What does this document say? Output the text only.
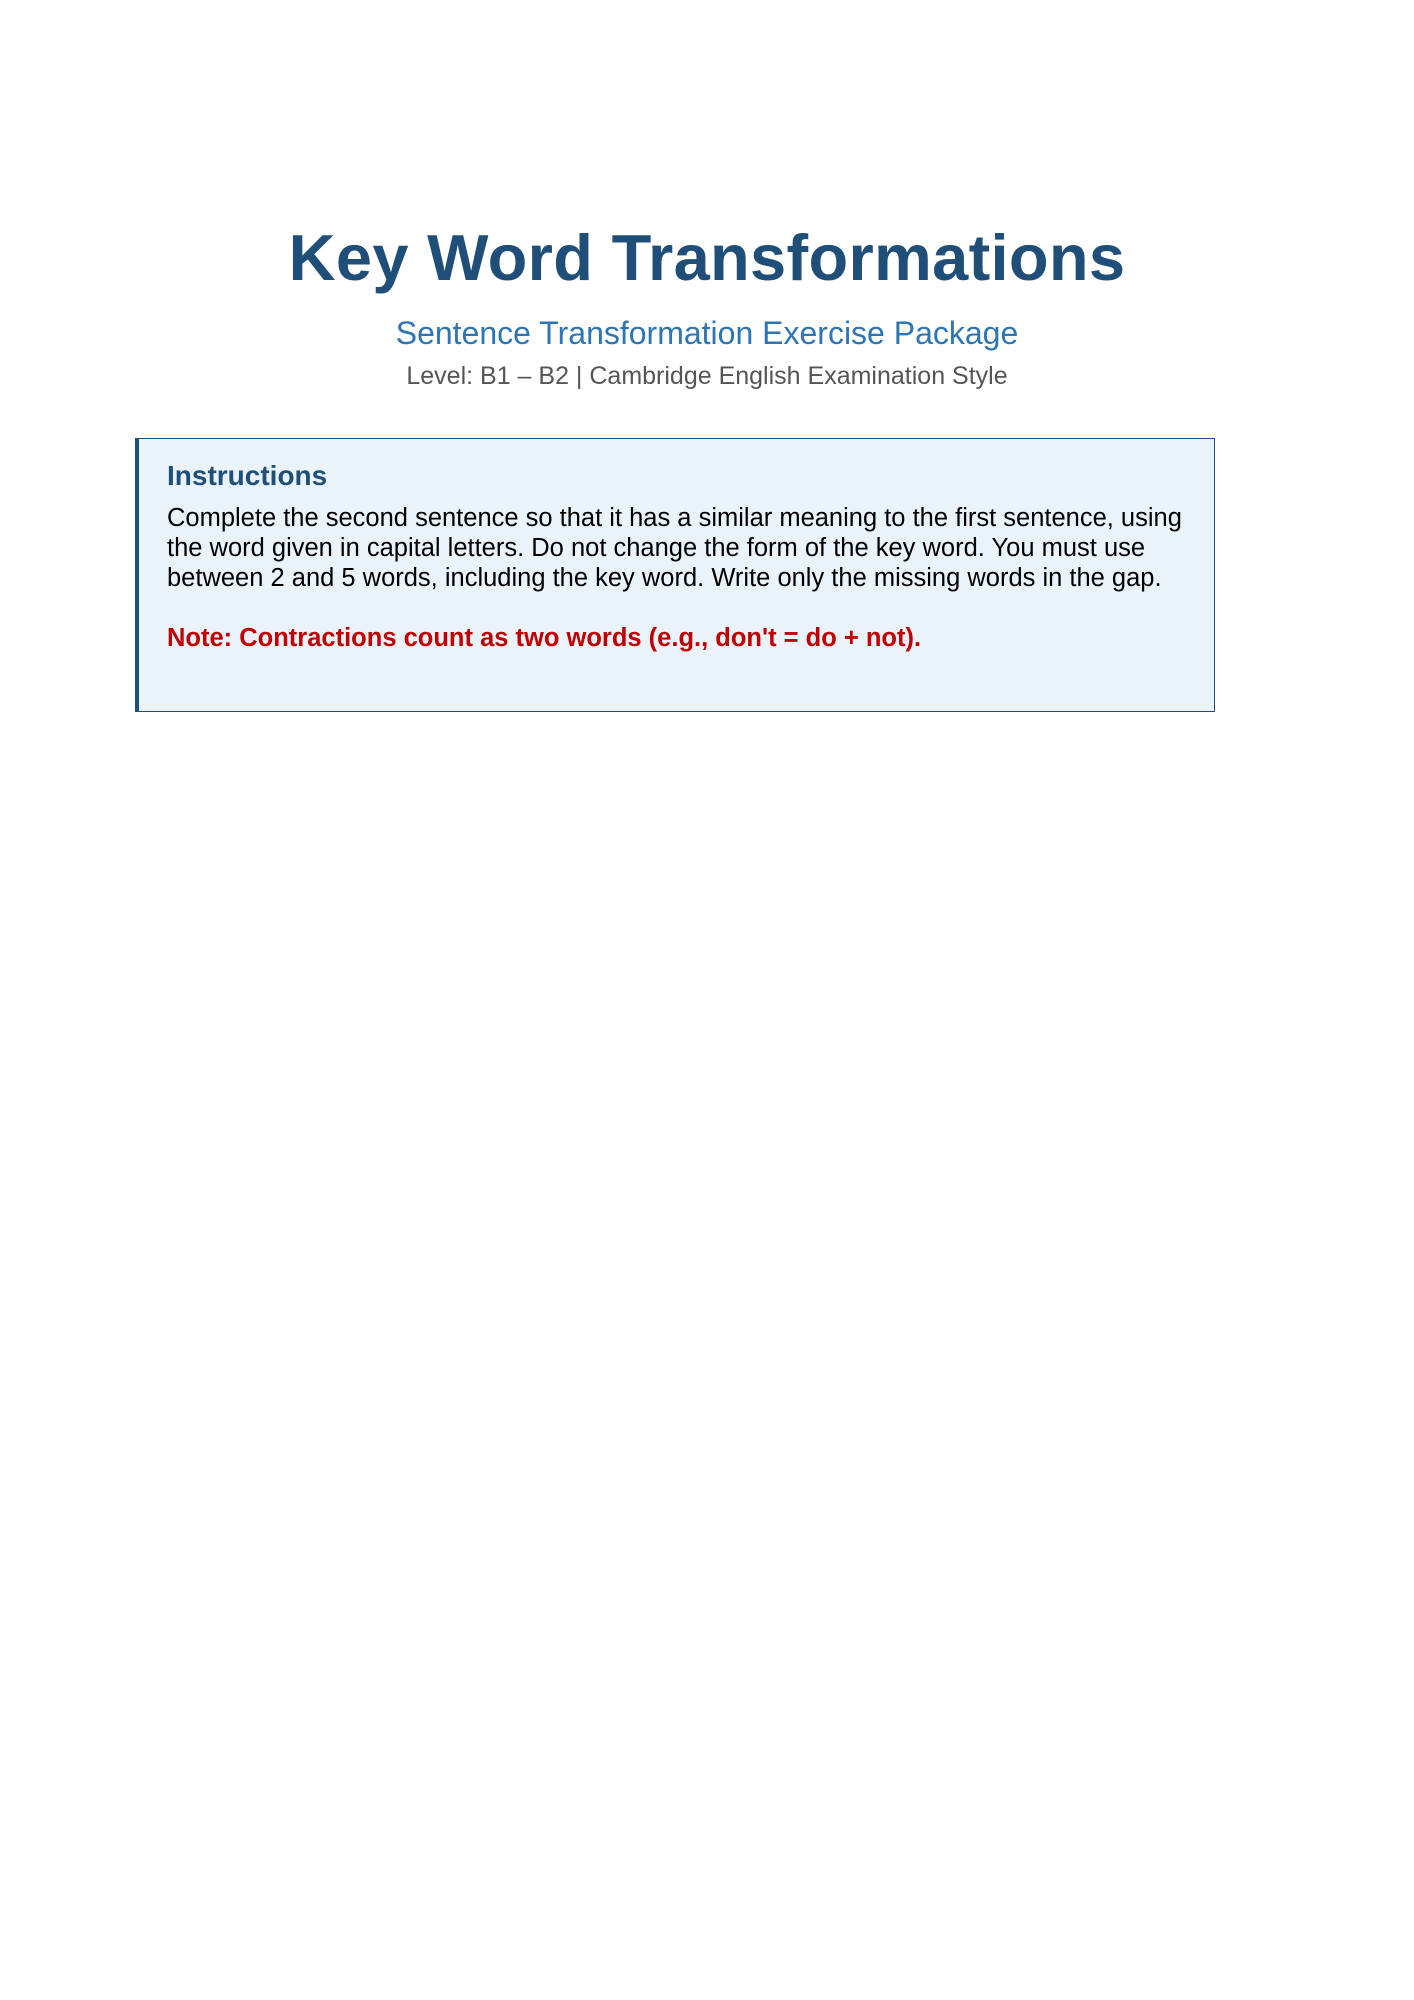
Key Word Transformations
Sentence Transformation Exercise Package
Level: B1 – B2 | Cambridge English Examination Style
Instructions

Complete the second sentence so that it has a similar meaning to the first sentence, using the word given in capital letters. Do not change the form of the key word. You must use between 2 and 5 words, including the key word. Write only the missing words in the gap.

Note: Contractions count as two words (e.g., don't = do + not).
